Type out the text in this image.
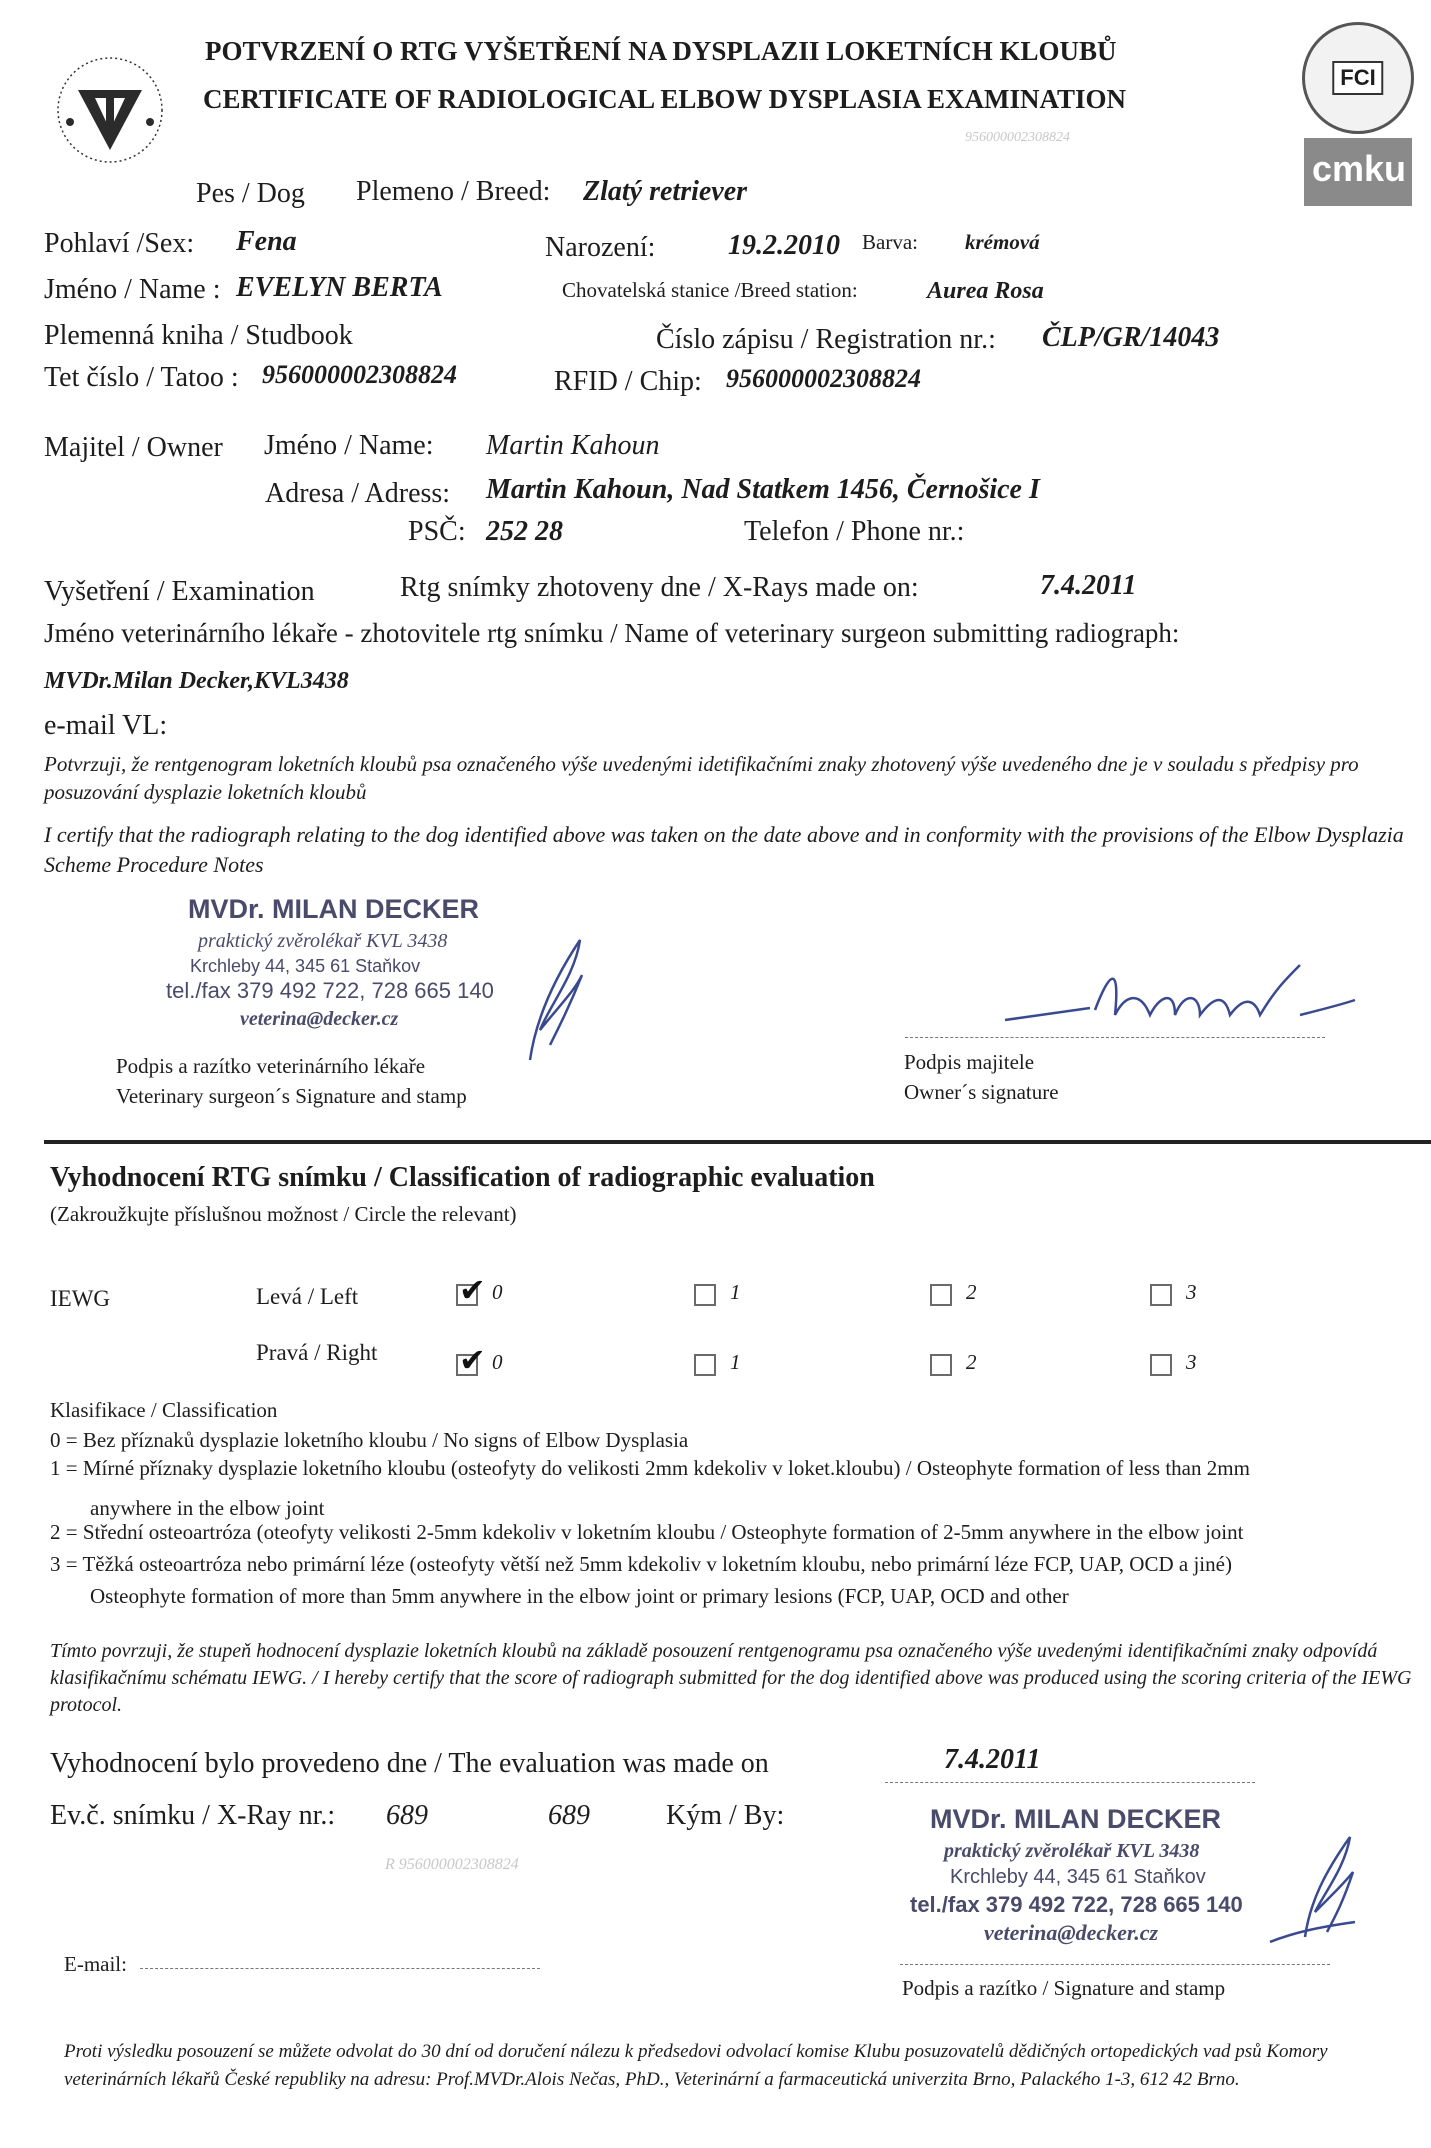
POTVRZENÍ O RTG VYŠETŘENÍ NA DYSPLAZII LOKETNÍCH KLOUBŮ
CERTIFICATE OF RADIOLOGICAL ELBOW DYSPLASIA EXAMINATION
956000002308824
FCI
cmku
Pes / Dog Plemeno / Breed: Zlatý retriever
Pohlaví /Sex: Fena	Narození:	19.2.2010 Barva: krémová
Jméno / Name : EVELYN BERTA	Chovatelská stanice /Breed station:	Aurea Rosa
Plemenná kniha / Studbook	Číslo zápisu / Registration nr.: ČLP/GR/14043
Tet číslo / Tatoo : 956000002308824	RFID / Chip: 956000002308824
Majitel / Owner Jméno / Name: Martin Kahoun
Adresa / Adress: Martin Kahoun, Nad Statkem 1456, Černošice I
PSČ: 252 28	Telefon / Phone nr.:
Vyšetření / Examination	Rtg snímky zhotoveny dne / X-Rays made on:	7.4.2011
Jméno veterinárního lékaře - zhotovitele rtg snímku / Name of veterinary surgeon submitting radiograph:
MVDr.Milan Decker,KVL3438
e-mail VL:
Potvrzuji, že rentgenogram loketních kloubů psa označeného výše uvedenými idetifikačními znaky zhotovený výše uvedeného dne je v souladu s předpisy pro posuzování dysplazie loketních kloubů
I certify that the radiograph relating to the dog identified above was taken on the date above and in conformity with the provisions of the Elbow Dysplazia Scheme Procedure Notes
MVDr. MILAN DECKER
praktický zvěrolékař KVL 3438
Krchleby 44, 345 61 Staňkov
tel./fax 379 492 722, 728 665 140
veterina@decker.cz
Podpis a razítko veterinárního lékaře
Veterinary surgeon´s Signature and stamp
Podpis majitele
Owner´s signature
Vyhodnocení RTG snímku / Classification of radiographic evaluation
(Zakroužkujte příslušnou možnost / Circle the relevant)
IEWG	Levá / Left
Pravá / Right
✔ 0	1	2	3
✔ 0	1	2	3
Klasifikace / Classification
0 = Bez příznaků dysplazie loketního kloubu / No signs of Elbow Dysplasia
1 = Mírné příznaky dysplazie loketního kloubu (osteofyty do velikosti 2mm kdekoliv v loket.kloubu) / Osteophyte formation of less than 2mm
anywhere in the elbow joint
2 = Střední osteoartróza (oteofyty velikosti 2-5mm kdekoliv v loketním kloubu / Osteophyte formation of 2-5mm anywhere in the elbow joint
3 = Těžká osteoartróza nebo primární léze (osteofyty větší než 5mm kdekoliv v loketním kloubu, nebo primární léze FCP, UAP, OCD a jiné)
Osteophyte formation of more than 5mm anywhere in the elbow joint or primary lesions (FCP, UAP, OCD and other
Tímto povrzuji, že stupeň hodnocení dysplazie loketních kloubů na základě posouzení rentgenogramu psa označeného výše uvedenými identifikačními znaky odpovídá klasifikačnímu schématu IEWG. / I hereby certify that the score of radiograph submitted for the dog identified above was produced using the scoring criteria of the IEWG protocol.
Vyhodnocení bylo provedeno dne / The evaluation was made on	7.4.2011
Ev.č. snímku / X-Ray nr.: 689	689	Kým / By:
R 956000002308824
MVDr. MILAN DECKER
praktický zvěrolékař KVL 3438
Krchleby 44, 345 61 Staňkov
tel./fax 379 492 722, 728 665 140
veterina@decker.cz
E-mail:
Podpis a razítko / Signature and stamp
Proti výsledku posouzení se můžete odvolat do 30 dní od doručení nálezu k předsedovi odvolací komise Klubu posuzovatelů dědičných ortopedických vad psů Komory veterinárních lékařů České republiky na adresu: Prof.MVDr.Alois Nečas, PhD., Veterinární a farmaceutická univerzita Brno, Palackého 1-3, 612 42 Brno.
